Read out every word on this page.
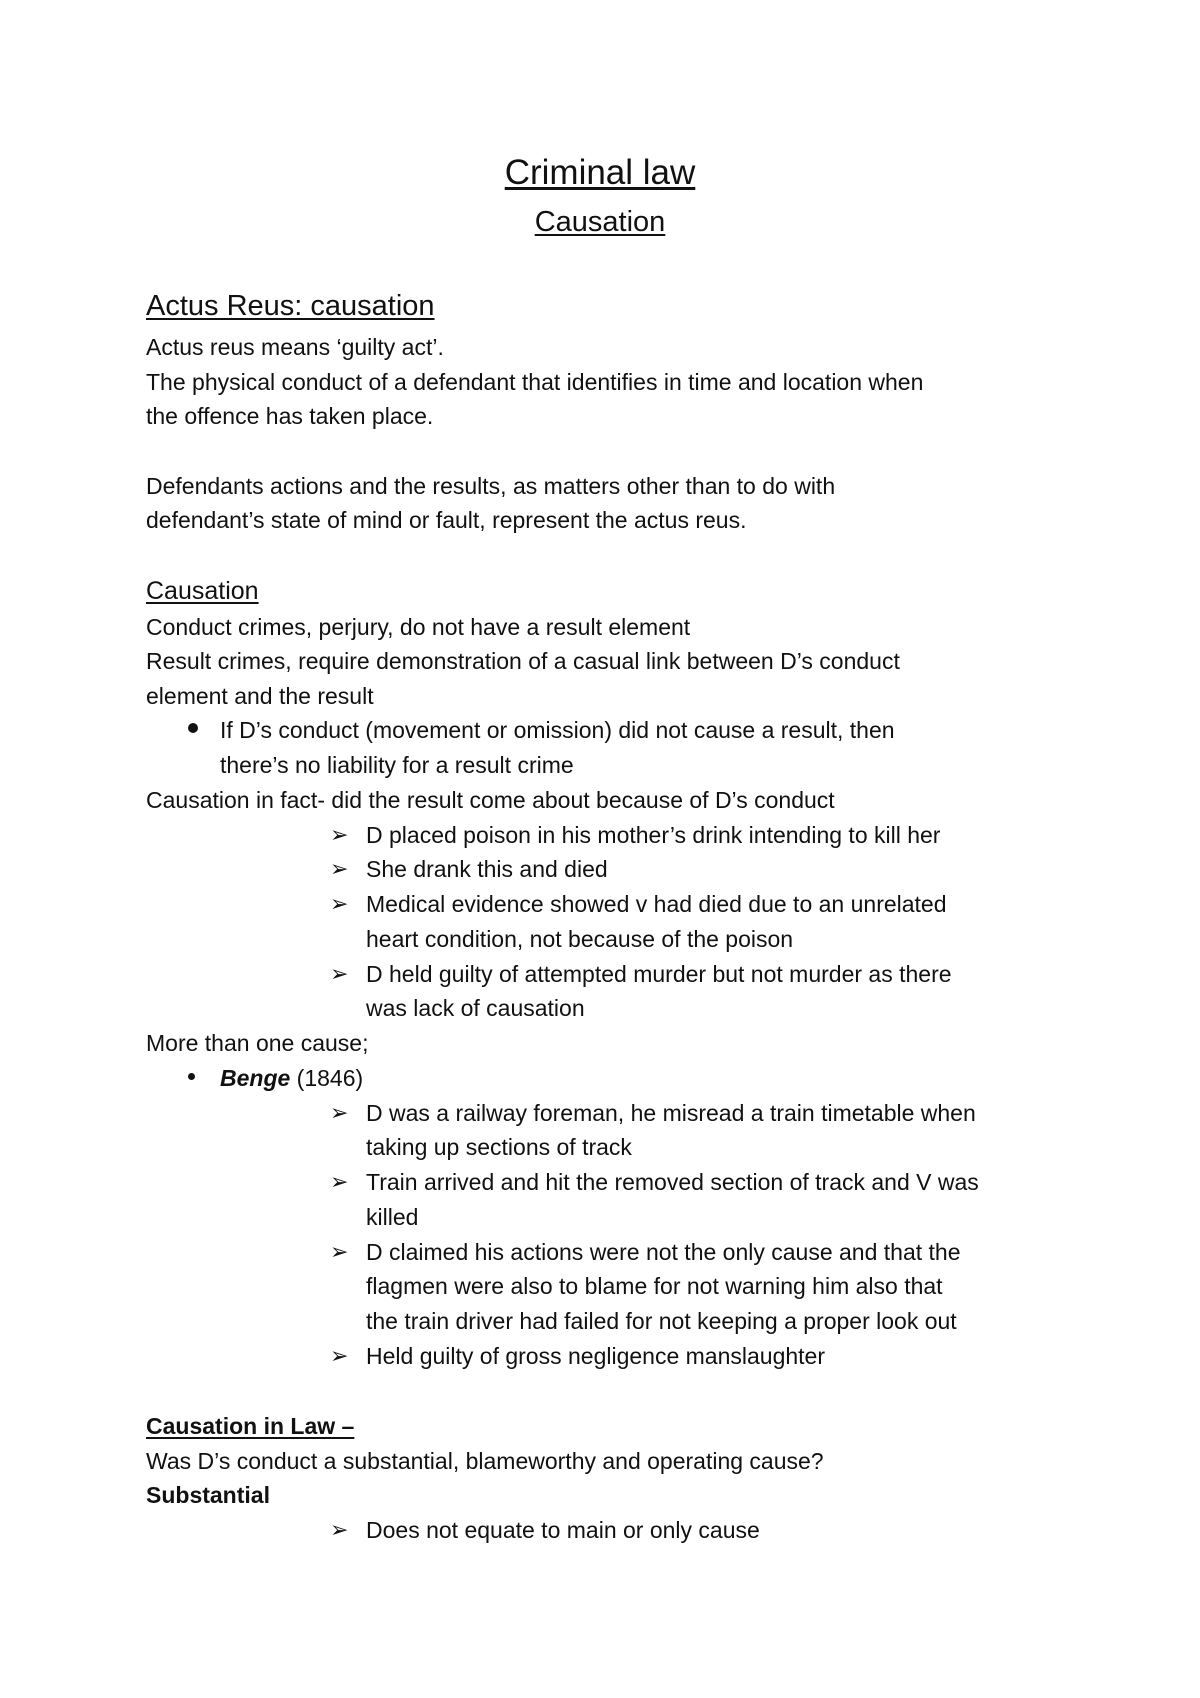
Criminal law
Causation
Actus Reus: causation
Actus reus means ‘guilty act’.
The physical conduct of a defendant that identifies in time and location when
the offence has taken place.
Defendants actions and the results, as matters other than to do with
defendant’s state of mind or fault, represent the actus reus.
Causation
Conduct crimes, perjury, do not have a result element
Result crimes, require demonstration of a casual link between D’s conduct
element and the result
If D’s conduct (movement or omission) did not cause a result, then
there’s no liability for a result crime
Causation in fact- did the result come about because of D’s conduct
➢ D placed poison in his mother’s drink intending to kill her
➢ She drank this and died
➢ Medical evidence showed v had died due to an unrelated
heart condition, not because of the poison
➢ D held guilty of attempted murder but not murder as there
was lack of causation
More than one cause;
Benge (1846)
➢ D was a railway foreman, he misread a train timetable when
taking up sections of track
➢ Train arrived and hit the removed section of track and V was
killed
➢ D claimed his actions were not the only cause and that the
flagmen were also to blame for not warning him also that
the train driver had failed for not keeping a proper look out
➢ Held guilty of gross negligence manslaughter
Causation in Law –
Was D’s conduct a substantial, blameworthy and operating cause?
Substantial
➢ Does not equate to main or only cause
